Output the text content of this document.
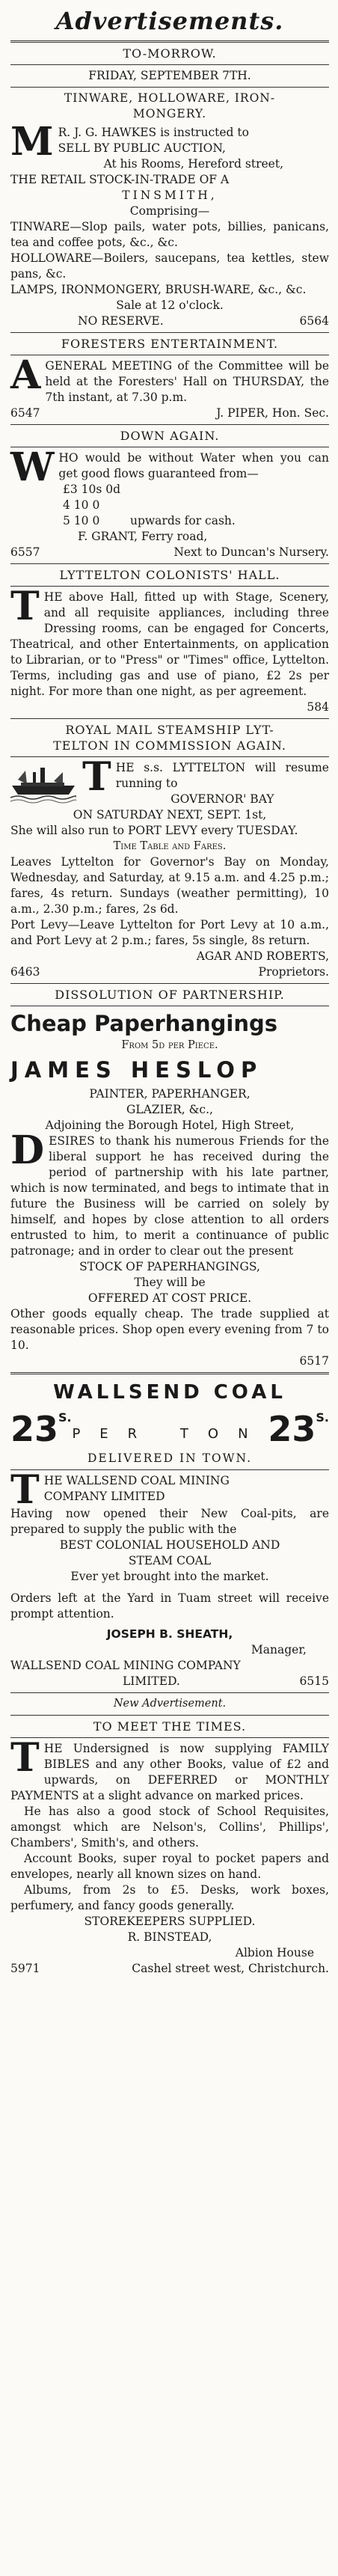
Advertisements.
TO-MORROW.
FRIDAY, SEPTEMBER 7TH.
TINWARE, HOLLOWARE, IRON-
MONGERY.
M R. J. G. HAWKES is instructed to
SELL BY PUBLIC AUCTION,
At his Rooms, Hereford street,
THE RETAIL STOCK-IN-TRADE OF A
TINSMITH,
Comprising—
TINWARE—Slop pails, water pots, billies, panicans, tea and coffee pots, &c., &c.
HOLLOWARE—Boilers, saucepans, tea kettles, stew pans, &c.
LAMPS, IRONMONGERY, BRUSH-WARE, &c., &c.
Sale at 12 o'clock.
NO RESERVE.	6564
FORESTERS ENTERTAINMENT.
A GENERAL MEETING of the Committee will be held at the Foresters' Hall on THURSDAY, the 7th instant, at 7.30 p.m.
6547	J. PIPER, Hon. Sec.
DOWN AGAIN.
W HO would be without Water when you can get good flows guaranteed from—
£3 10s 0d
4 10 0
5 10 0	upwards for cash.
F. GRANT, Ferry road,
6557	Next to Duncan's Nursery.
LYTTELTON COLONISTS' HALL.
T HE above Hall, fitted up with Stage, Scenery, and all requisite appliances, including three Dressing rooms, can be engaged for Concerts, Theatrical, and other Entertainments, on application to Librarian, or to "Press" or "Times" office, Lyttelton. Terms, including gas and use of piano, £2 2s per night. For more than one night, as per agreement.
584
ROYAL MAIL STEAMSHIP LYT-
TELTON IN COMMISSION AGAIN.
T HE s.s. LYTTELTON will resume running to
GOVERNOR' BAY
ON SATURDAY NEXT, SEPT. 1st,
She will also run to PORT LEVY every TUESDAY.
Time Table and Fares.
Leaves Lyttelton for Governor's Bay on Monday, Wednesday, and Saturday, at 9.15 a.m. and 4.25 p.m.; fares, 4s return. Sundays (weather permitting), 10 a.m., 2.30 p.m.; fares, 2s 6d.
Port Levy—Leave Lyttelton for Port Levy at 10 a.m., and Port Levy at 2 p.m.; fares, 5s single, 8s return.
AGAR AND ROBERTS,
6463	Proprietors.
DISSOLUTION OF PARTNERSHIP.
Cheap Paperhangings
From 5d per Piece.
JAMES HESLOP
PAINTER, PAPERHANGER,
GLAZIER, &c.,
Adjoining the Borough Hotel, High Street,
D ESIRES to thank his numerous Friends for the liberal support he has received during the period of partnership with his late partner, which is now terminated, and begs to intimate that in future the Business will be carried on solely by himself, and hopes by close attention to all orders entrusted to him, to merit a continuance of public patronage; and in order to clear out the present
STOCK OF PAPERHANGINGS,
They will be
OFFERED AT COST PRICE.
Other goods equally cheap. The trade supplied at reasonable prices. Shop open every evening from 7 to 10.
6517
WALLSEND COAL
$23^{S.}$
PER TON $23^{S.}$
DELIVERED IN TOWN.
T HE WALLSEND COAL MINING
COMPANY LIMITED
Having now opened their New Coal-pits, are prepared to supply the public with the
BEST COLONIAL HOUSEHOLD AND
STEAM COAL
Ever yet brought into the market.
Orders left at the Yard in Tuam street will receive prompt attention.
JOSEPH B. SHEATH,
Manager,
WALLSEND COAL MINING COMPANY
LIMITED.	6515
New Advertisement.
TO MEET THE TIMES.
T HE Undersigned is now supplying FAMILY BIBLES and any other Books, value of £2 and upwards, on DEFERRED or MONTHLY PAYMENTS at a slight advance on marked prices.
He has also a good stock of School Requisites, amongst which are Nelson's, Collins', Phillips', Chambers', Smith's, and others.
Account Books, super royal to pocket papers and envelopes, nearly all known sizes on hand.
Albums, from 2s to £5. Desks, work boxes, perfumery, and fancy goods generally.
STOREKEEPERS SUPPLIED.
R. BINSTEAD,
Albion House
5971	Cashel street west, Christchurch.
